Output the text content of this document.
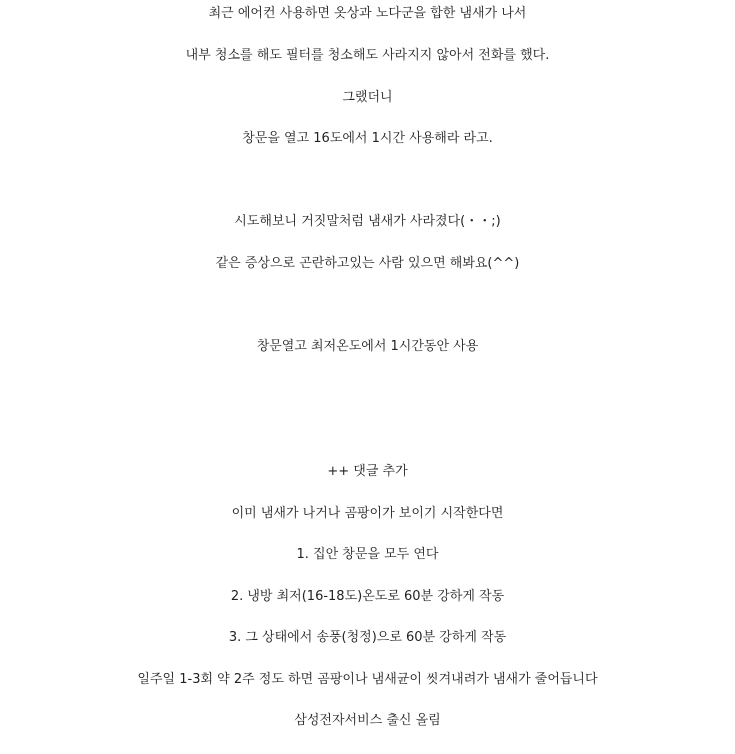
최근 에어컨 사용하면 옷상과 노다군을 합한 냄새가 나서
내부 청소를 해도 필터를 청소해도 사라지지 않아서 전화를 했다.
그랬더니
창문을 열고 16도에서 1시간 사용해라 라고.
시도해보니 거짓말처럼 냄새가 사라졌다(・・;)
같은 증상으로 곤란하고있는 사람 있으면 해봐요(^^)
창문열고 최저온도에서 1시간동안 사용
++ 댓글 추가
이미 냄새가 나거나 곰팡이가 보이기 시작한다면
1. 집안 창문을 모두 연다
2. 냉방 최저(16-18도)온도로 60분 강하게 작동
3. 그 상태에서 송풍(청정)으로 60분 강하게 작동
일주일 1-3회 약 2주 정도 하면 곰팡이나 냄새균이 씻겨내려가 냄새가 줄어듭니다
삼성전자서비스 출신 올림
